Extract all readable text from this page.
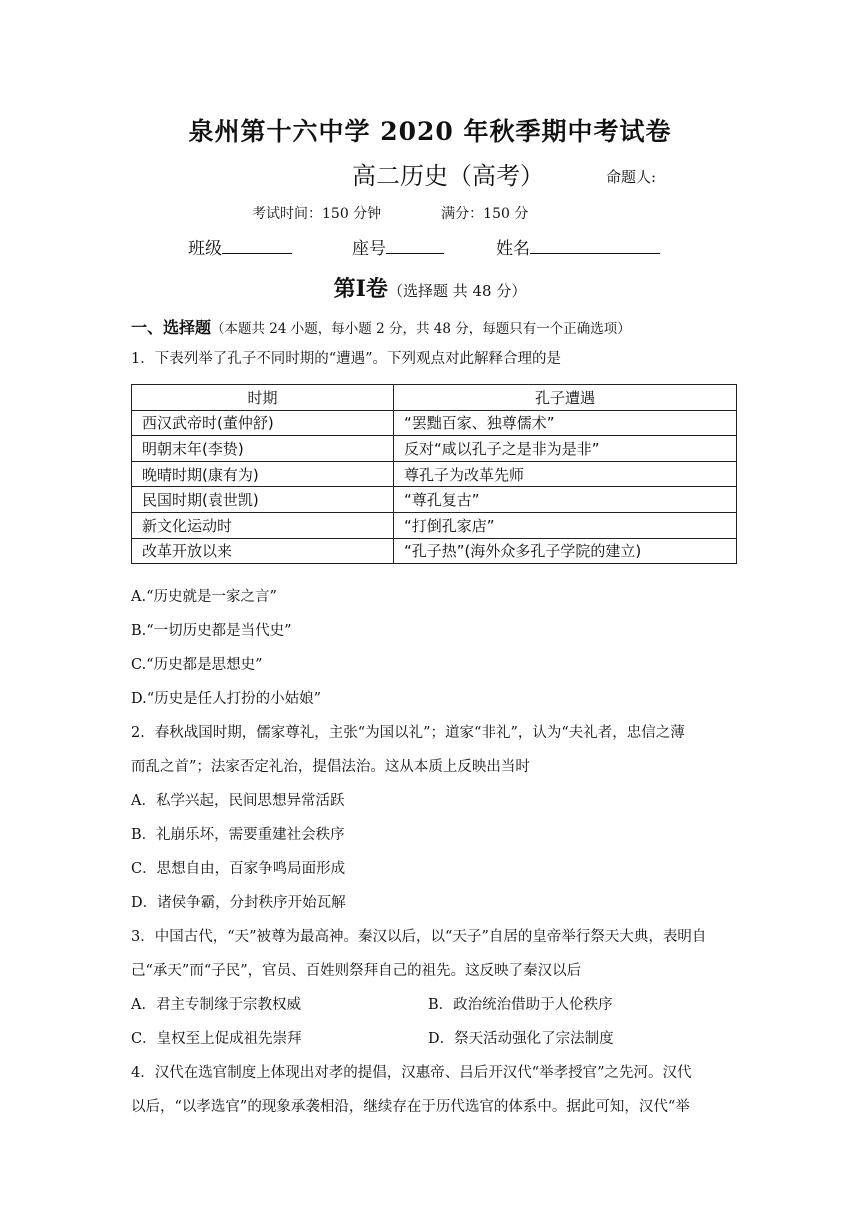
泉州第十六中学 2020 年秋季期中考试卷
高二历史（高考）	命题人:
考试时间：150 分钟	满分：150 分
班级	座号	姓名
第Ⅰ卷（选择题 共 48 分）
一、选择题（本题共 24 小题，每小题 2 分，共 48 分，每题只有一个正确选项）
1．下表列举了孔子不同时期的“遭遇”。下列观点对此解释合理的是
时期	孔子遭遇
西汉武帝时(董仲舒)	“罢黜百家、独尊儒术”
明朝末年(李贽)	反对“咸以孔子之是非为是非”
晚晴时期(康有为)	尊孔子为改革先师
民国时期(袁世凯)	“尊孔复古”
新文化运动时	“打倒孔家店”
改革开放以来	“孔子热”(海外众多孔子学院的建立)
A.“历史就是一家之言”
B.“一切历史都是当代史”
C.“历史都是思想史”
D.“历史是任人打扮的小姑娘”
2．春秋战国时期，儒家尊礼，主张“为国以礼”；道家“非礼”，认为“夫礼者，忠信之薄
而乱之首”；法家否定礼治，提倡法治。这从本质上反映出当时
A．私学兴起，民间思想异常活跃
B．礼崩乐坏，需要重建社会秩序
C．思想自由，百家争鸣局面形成
D．诸侯争霸，分封秩序开始瓦解
3．中国古代，“天”被尊为最高神。秦汉以后，以“天子”自居的皇帝举行祭天大典，表明自
己“承天”而“子民”，官员、百姓则祭拜自己的祖先。这反映了秦汉以后
A．君主专制缘于宗教权威	B．政治统治借助于人伦秩序
C．皇权至上促成祖先崇拜	D．祭天活动强化了宗法制度
4．汉代在选官制度上体现出对孝的提倡，汉惠帝、吕后开汉代“举孝授官”之先河。汉代
以后，“以孝选官”的现象承袭相沿，继续存在于历代选官的体系中。据此可知，汉代“举
